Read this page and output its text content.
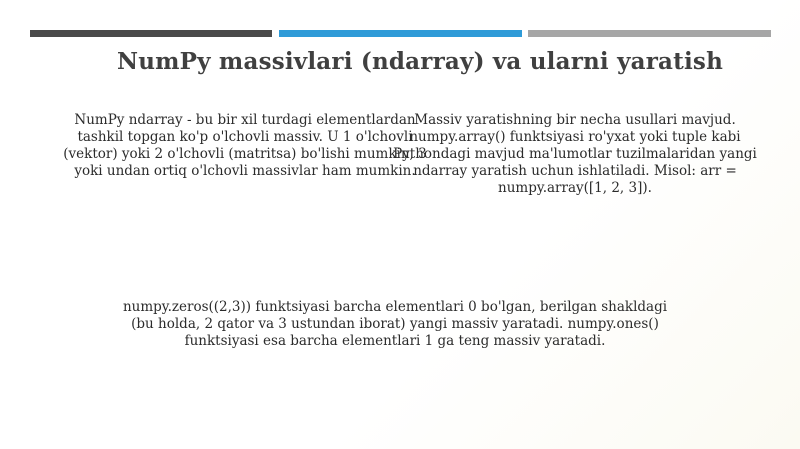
NumPy massivlari (ndarray) va ularni yaratish
NumPy ndarray - bu bir xil turdagi elementlardan tashkil topgan ko'p o'lchovli massiv. U 1 o'lchovli (vektor) yoki 2 o'lchovli (matritsa) bo'lishi mumkin, 3 yoki undan ortiq o'lchovli massivlar ham mumkin.
Massiv yaratishning bir necha usullari mavjud. numpy.array() funktsiyasi ro'yxat yoki tuple kabi Pythondagi mavjud ma'lumotlar tuzilmalaridan yangi ndarray yaratish uchun ishlatiladi. Misol: arr = numpy.array([1, 2, 3]).
numpy.zeros((2,3)) funktsiyasi barcha elementlari 0 bo'lgan, berilgan shakldagi (bu holda, 2 qator va 3 ustundan iborat) yangi massiv yaratadi. numpy.ones() funktsiyasi esa barcha elementlari 1 ga teng massiv yaratadi.
